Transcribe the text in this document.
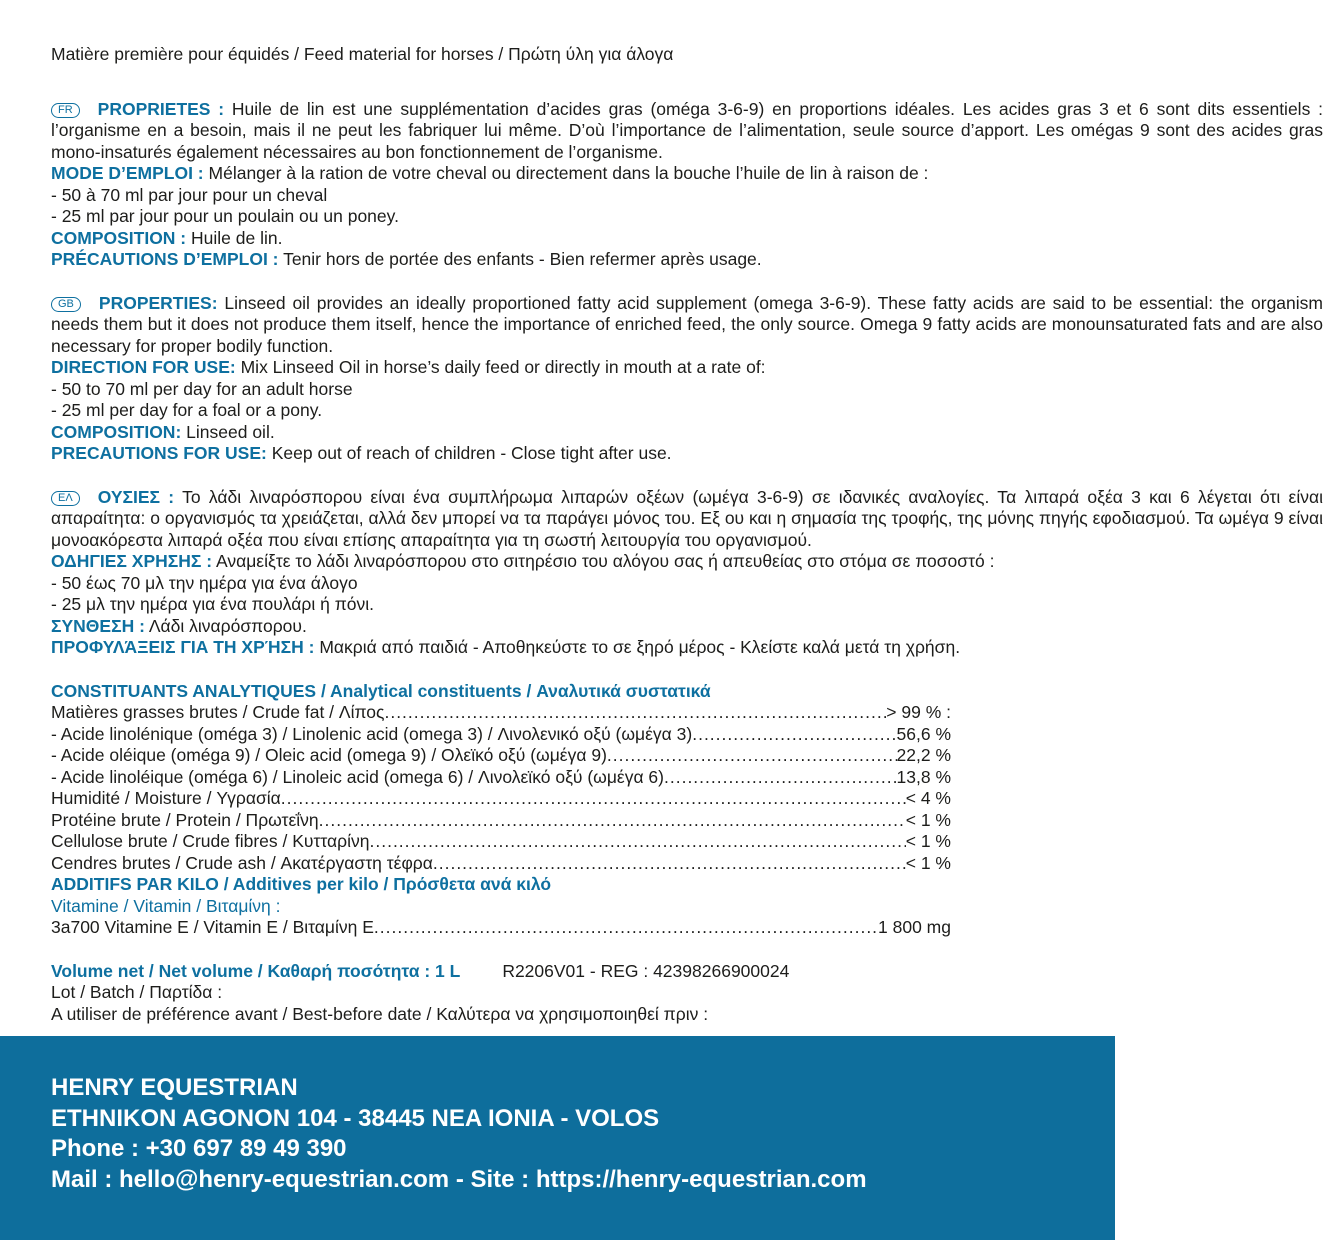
Matière première pour équidés / Feed material for horses / Πρώτη ύλη για άλογα

FR PROPRIETES : Huile de lin est une supplémentation d’acides gras (oméga 3-6-9) en proportions idéales. Les acides gras 3 et 6 sont dits essentiels : l’organisme en a besoin, mais il ne peut les fabriquer lui même. D’où l’importance de l’alimentation, seule source d’apport. Les omégas 9 sont des acides gras mono-insaturés également nécessaires au bon fonctionnement de l’organisme.

MODE D’EMPLOI : Mélanger à la ration de votre cheval ou directement dans la bouche l’huile de lin à raison de :

- 50 à 70 ml par jour pour un cheval

- 25 ml par jour pour un poulain ou un poney.

COMPOSITION : Huile de lin.

PRÉCAUTIONS D’EMPLOI : Tenir hors de portée des enfants - Bien refermer après usage.

GB PROPERTIES: Linseed oil provides an ideally proportioned fatty acid supplement (omega 3-6-9). These fatty acids are said to be essential: the organism needs them but it does not produce them itself, hence the importance of enriched feed, the only source. Omega 9 fatty acids are monounsaturated fats and are also necessary for proper bodily function.

DIRECTION FOR USE: Mix Linseed Oil in horse’s daily feed or directly in mouth at a rate of:

- 50 to 70 ml per day for an adult horse

- 25 ml per day for a foal or a pony.

COMPOSITION: Linseed oil.

PRECAUTIONS FOR USE: Keep out of reach of children - Close tight after use.

ΕΛ ΟΥΣΙΕΣ : Το λάδι λιναρόσπορου είναι ένα συμπλήρωμα λιπαρών οξέων (ωμέγα 3-6-9) σε ιδανικές αναλογίες. Τα λιπαρά οξέα 3 και 6 λέγεται ότι είναι απαραίτητα: ο οργανισμός τα χρειάζεται, αλλά δεν μπορεί να τα παράγει μόνος του. Εξ ου και η σημασία της τροφής, της μόνης πηγής εφοδιασμού. Τα ωμέγα 9 είναι μονοακόρεστα λιπαρά οξέα που είναι επίσης απαραίτητα για τη σωστή λειτουργία του οργανισμού.

ΟΔΗΓΙΕΣ ΧΡΗΣΗΣ : Αναμείξτε το λάδι λιναρόσπορου στο σιτηρέσιο του αλόγου σας ή απευθείας στο στόμα σε ποσοστό :

- 50 έως 70 μλ την ημέρα για ένα άλογο

- 25 μλ την ημέρα για ένα πουλάρι ή πόνι.

ΣΥΝΘΕΣΗ : Λάδι λιναρόσπορου.

ΠΡΟΦΥΛΆΞΕΙΣ ΓΙΑ ΤΗ ΧΡΉΣΗ : Μακριά από παιδιά - Αποθηκεύστε το σε ξηρό μέρος - Κλείστε καλά μετά τη χρήση.

CONSTITUANTS ANALYTIQUES / Analytical constituents / Αναλυτικά συστατικά

Matières grasses brutes / Crude fat / Λίπος .....	> 99 % :
- Acide linolénique (oméga 3) / Linolenic acid (omega 3) / Λινολενικό οξύ (ωμέγα 3) .....	56,6 %
- Acide oléique (oméga 9) / Oleic acid (omega 9) / Ολεϊκό οξύ (ωμέγα 9) .....	22,2 %
- Acide linoléique (oméga 6) / Linoleic acid (omega 6) / Λινολεϊκό οξύ (ωμέγα 6) .....	13,8 %
Humidité / Moisture / Υγρασία .....	< 4 %
Protéine brute / Protein / Πρωτεΐνη .....	< 1 %
Cellulose brute / Crude fibres / Κυτταρίνη .....	< 1 %
Cendres brutes / Crude ash / Ακατέργαστη τέφρα .....	< 1 %

ADDITIFS PAR KILO / Additives per kilo / Πρόσθετα ανά κιλό

Vitamine / Vitamin / Βιταμίνη :

3a700 Vitamine E / Vitamin E / Βιταμίνη Ε .....	1 800 mg
Volume net / Net volume / Καθαρή ποσότητα : 1 L R2206V01 - REG : 42398266900024

Lot / Batch / Παρτίδα :

A utiliser de préférence avant / Best-before date / Καλύτερα να χρησιμοποιηθεί πριν :

HENRY EQUESTRIAN
ETHNIKON AGONON 104 - 38445 NEA IONIA - VOLOS
Phone : +30 697 89 49 390
Mail : hello@henry-equestrian.com - Site : https://henry-equestrian.com
